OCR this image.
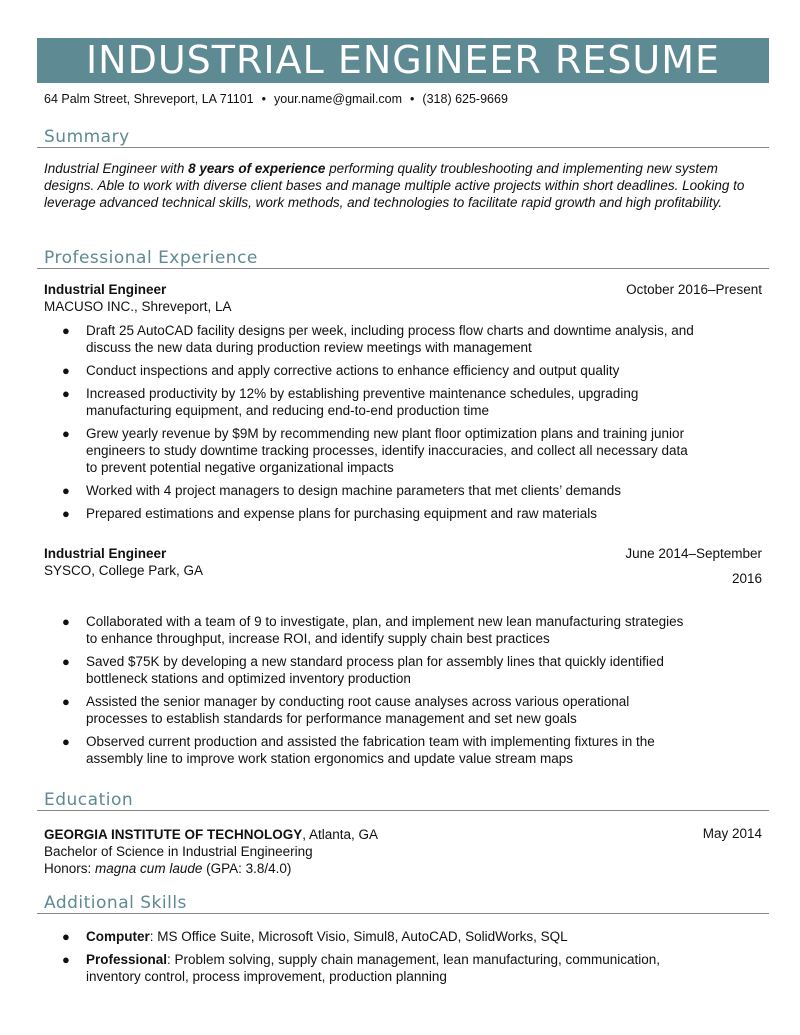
INDUSTRIAL ENGINEER RESUME
64 Palm Street, Shreveport, LA 71101 • your.name@gmail.com • (318) 625-9669
Summary
Industrial Engineer with 8 years of experience performing quality troubleshooting and implementing new system designs. Able to work with diverse client bases and manage multiple active projects within short deadlines. Looking to leverage advanced technical skills, work methods, and technologies to facilitate rapid growth and high profitability.
Professional Experience
Industrial Engineer
MACUSO INC., Shreveport, LA
October 2016–Present
● Draft 25 AutoCAD facility designs per week, including process flow charts and downtime analysis, and discuss the new data during production review meetings with management
● Conduct inspections and apply corrective actions to enhance efficiency and output quality
● Increased productivity by 12% by establishing preventive maintenance schedules, upgrading manufacturing equipment, and reducing end-to-end production time
● Grew yearly revenue by $9M by recommending new plant floor optimization plans and training junior engineers to study downtime tracking processes, identify inaccuracies, and collect all necessary data to prevent potential negative organizational impacts
● Worked with 4 project managers to design machine parameters that met clients’ demands
● Prepared estimations and expense plans for purchasing equipment and raw materials
Industrial Engineer
SYSCO, College Park, GA
June 2014–September
2016
● Collaborated with a team of 9 to investigate, plan, and implement new lean manufacturing strategies to enhance throughput, increase ROI, and identify supply chain best practices
● Saved $75K by developing a new standard process plan for assembly lines that quickly identified bottleneck stations and optimized inventory production
● Assisted the senior manager by conducting root cause analyses across various operational processes to establish standards for performance management and set new goals
● Observed current production and assisted the fabrication team with implementing fixtures in the assembly line to improve work station ergonomics and update value stream maps
Education
GEORGIA INSTITUTE OF TECHNOLOGY, Atlanta, GA	May 2014
Bachelor of Science in Industrial Engineering
Honors: magna cum laude (GPA: 3.8/4.0)
Additional Skills
● Computer: MS Office Suite, Microsoft Visio, Simul8, AutoCAD, SolidWorks, SQL
● Professional: Problem solving, supply chain management, lean manufacturing, communication, inventory control, process improvement, production planning
